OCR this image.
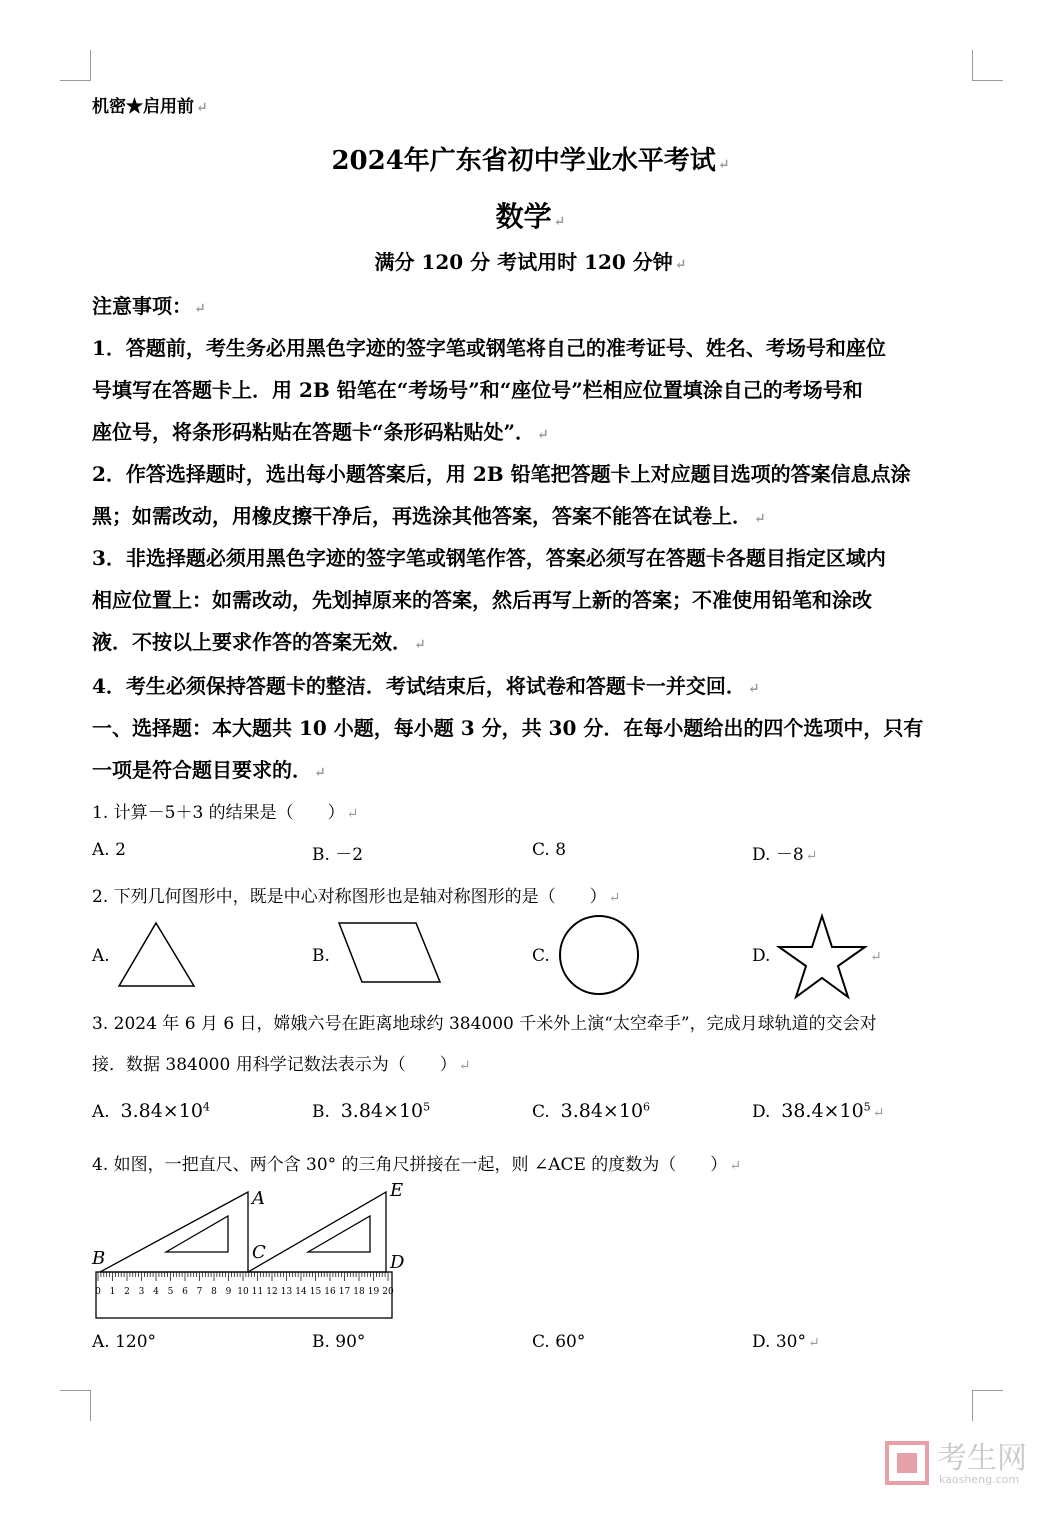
机密★启用前 ↵
2024年广东省初中学业水平考试 ↵
数学 ↵
满分 120 分 考试用时 120 分钟 ↵
注意事项： ↵
1．答题前，考生务必用黑色字迹的签字笔或钢笔将自己的准考证号、姓名、考场号和座位
号填写在答题卡上．用 2B 铅笔在“考场号”和“座位号”栏相应位置填涂自己的考场号和
座位号，将条形码粘贴在答题卡“条形码粘贴处”． ↵
2．作答选择题时，选出每小题答案后，用 2B 铅笔把答题卡上对应题目选项的答案信息点涂
黑；如需改动，用橡皮擦干净后，再选涂其他答案，答案不能答在试卷上． ↵
3．非选择题必须用黑色字迹的签字笔或钢笔作答，答案必须写在答题卡各题目指定区域内
相应位置上：如需改动，先划掉原来的答案，然后再写上新的答案；不准使用铅笔和涂改
液．不按以上要求作答的答案无效． ↵
4．考生必须保持答题卡的整洁．考试结束后，将试卷和答题卡一并交回． ↵
一、选择题：本大题共 10 小题，每小题 3 分，共 30 分．在每小题给出的四个选项中，只有
一项是符合题目要求的． ↵
1. 计算－5＋3 的结果是（　　） ↵
A. 2	B. －2	C. 8	D. －8 ↵
2. 下列几何图形中，既是中心对称图形也是轴对称图形的是（　　） ↵
A.	B.	C.	D.	↵
3. 2024 年 6 月 6 日，嫦娥六号在距离地球约 384000 千米外上演“太空牵手”，完成月球轨道的交会对
接．数据 384000 用科学记数法表示为（　　） ↵
A. $3.84\times 10^4$	B. $3.84\times 10^5$	C. $3.84\times 10^6$	D. $38.4\times 10^5$ ↵
4. 如图，一把直尺、两个含 30° 的三角尺拼接在一起，则 ∠ACE 的度数为（　　） ↵
0 1 2 3 4 5 6 7 8 9 10 11 12 13 14 15 16 17 18 19 20
B
A
C
E
D
A. 120°	B. 90°	C. 60°	D. 30° ↵
考生网
kaosheng.com
